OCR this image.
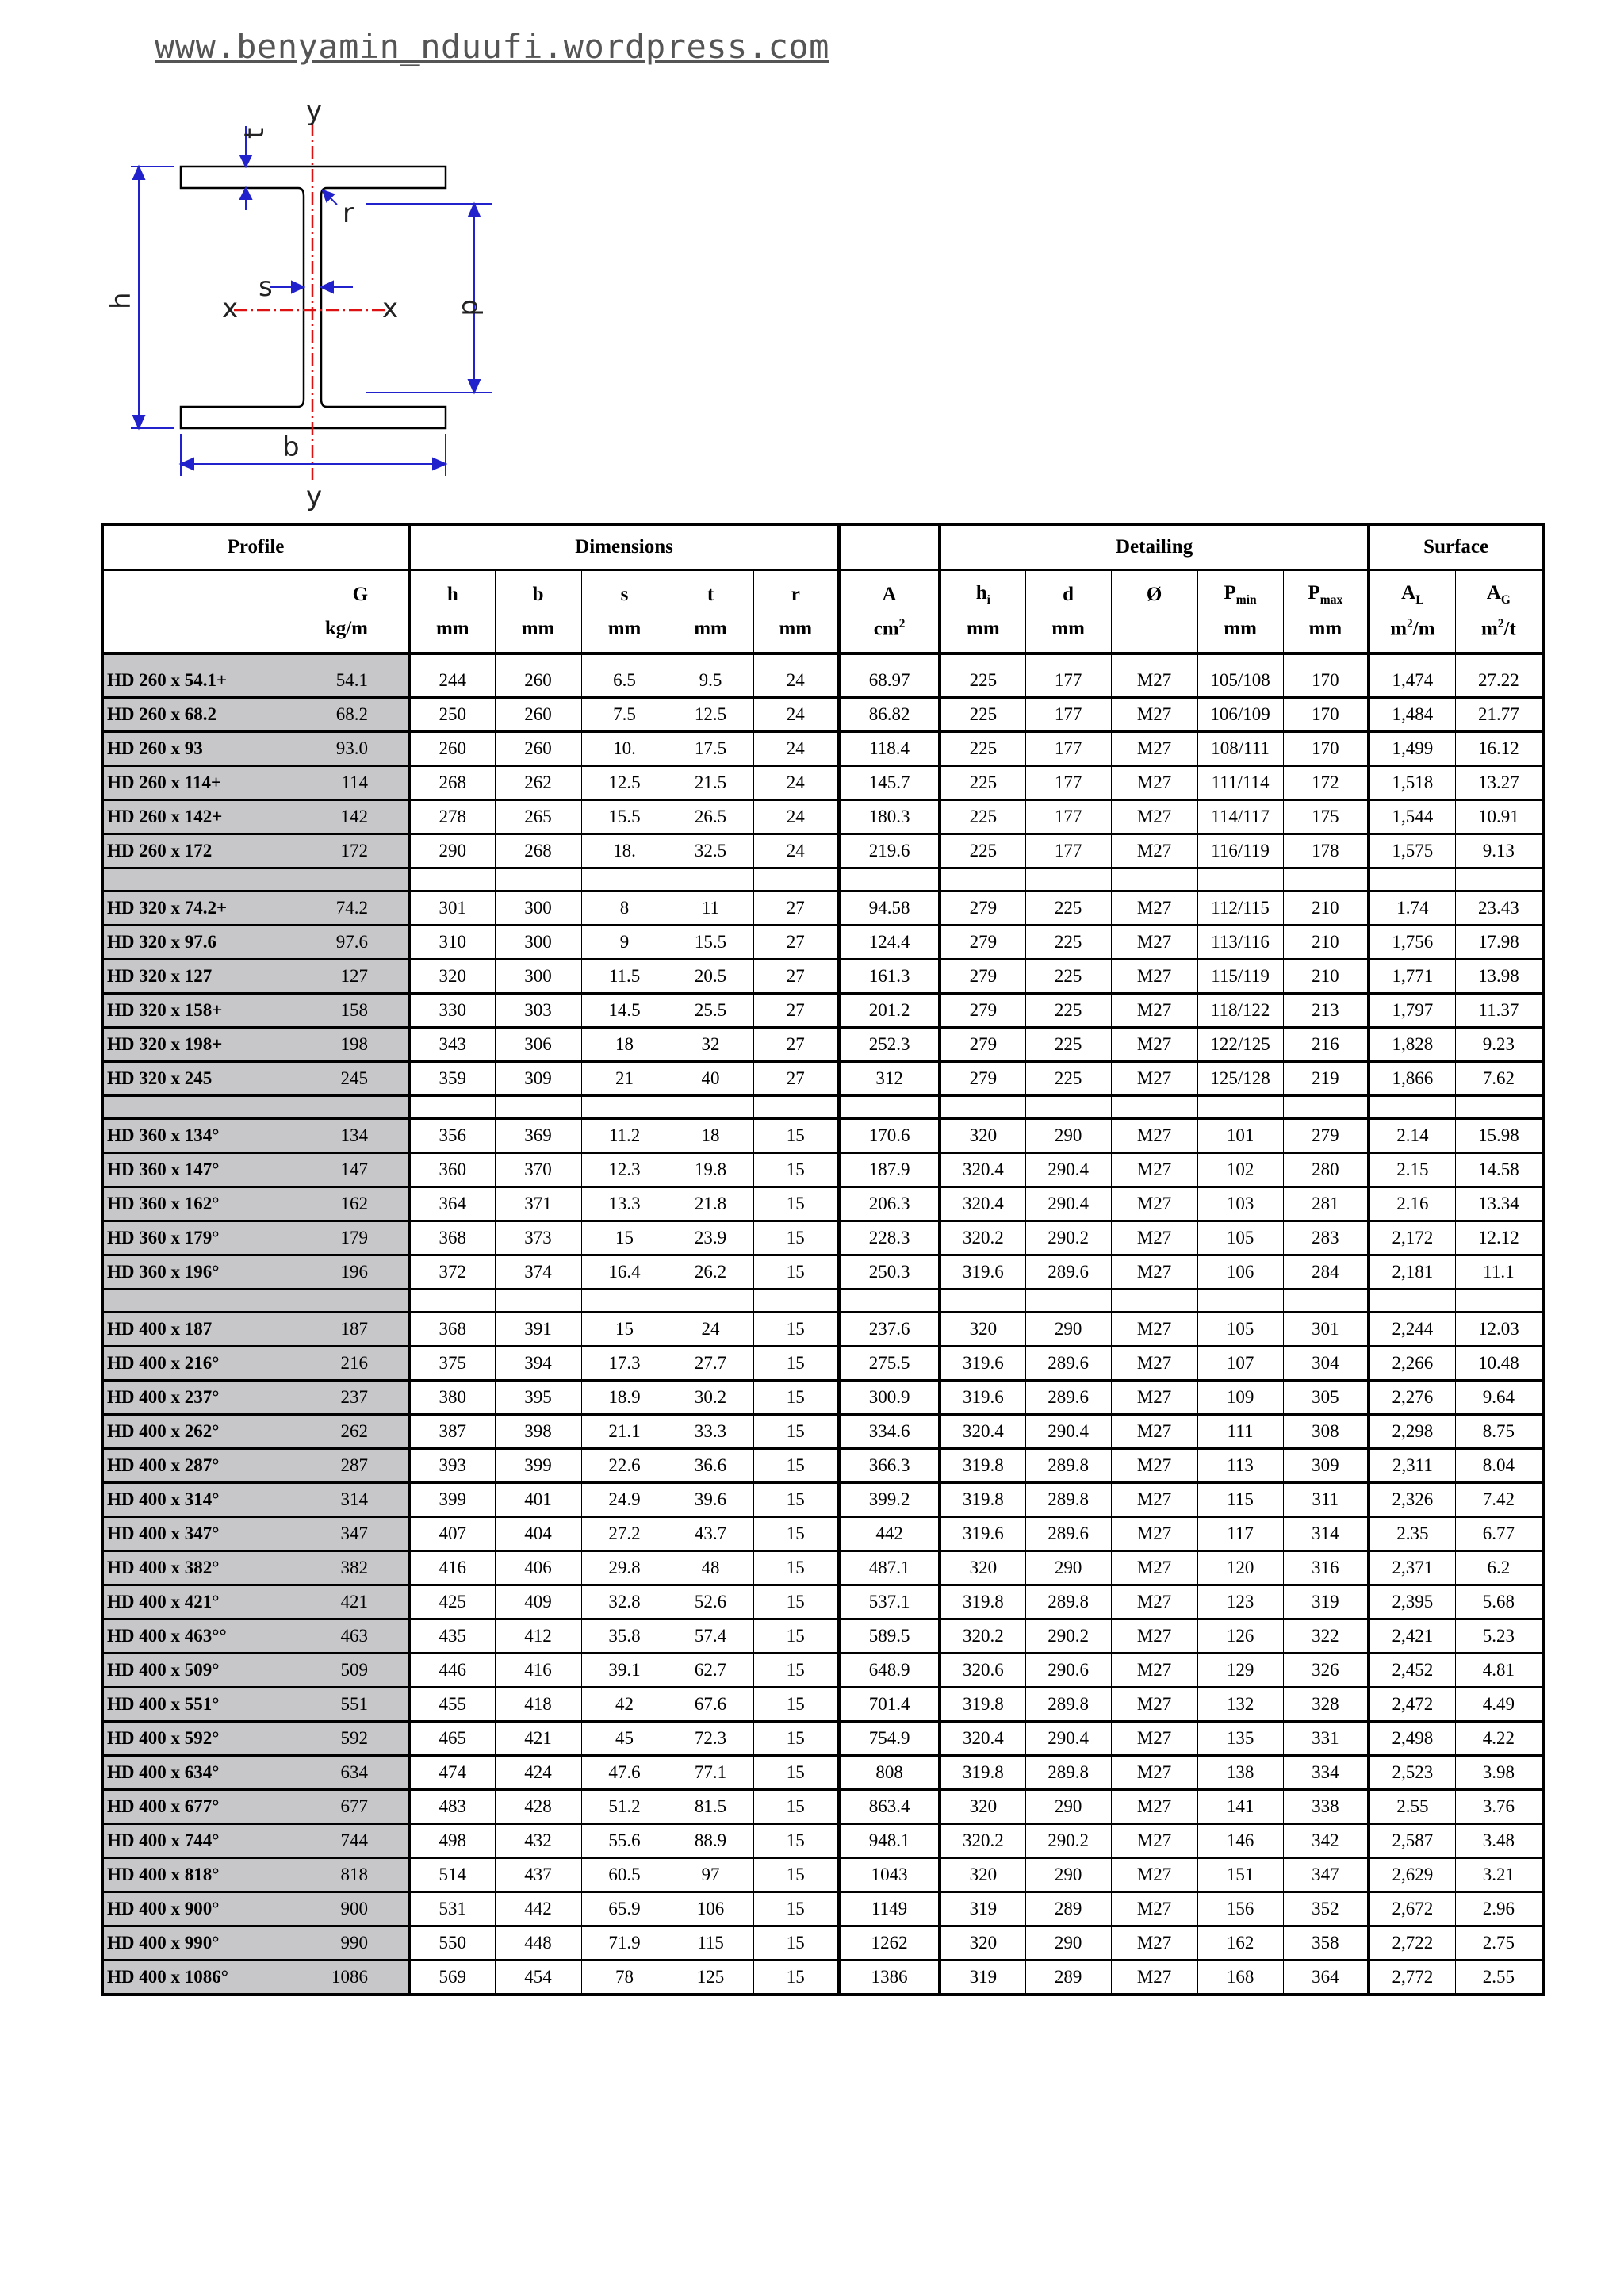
www.benyamin_nduufi.wordpress.com
y
y
t
r
h	s
x	x d
b
Profile		Dimensions						Detailing					Surface	
	G	h	b	s	t	r	A	$h_i$	d	Ø	$P_{min}$	$P_{max}$	$A_L$	$A_G$
	kg/m	mm	mm	mm	mm	mm	$cm^2$	mm	mm		mm	mm	$m^2/m$	$m^2/t$

HD 260 x 54.1+	54.1	244	260	6.5	9.5	24	68.97	225	177	M27	105/108	170	1,474	27.22
HD 260 x 68.2	68.2	250	260	7.5	12.5	24	86.82	225	177	M27	106/109	170	1,484	21.77
HD 260 x 93	93.0	260	260	10.	17.5	24	118.4	225	177	M27	108/111	170	1,499	16.12
HD 260 x 114+	114	268	262	12.5	21.5	24	145.7	225	177	M27	111/114	172	1,518	13.27
HD 260 x 142+	142	278	265	15.5	26.5	24	180.3	225	177	M27	114/117	175	1,544	10.91
HD 260 x 172	172	290	268	18.	32.5	24	219.6	225	177	M27	116/119	178	1,575	9.13

HD 320 x 74.2+	74.2	301	300	8	11	27	94.58	279	225	M27	112/115	210	1.74	23.43
HD 320 x 97.6	97.6	310	300	9	15.5	27	124.4	279	225	M27	113/116	210	1,756	17.98
HD 320 x 127	127	320	300	11.5	20.5	27	161.3	279	225	M27	115/119	210	1,771	13.98
HD 320 x 158+	158	330	303	14.5	25.5	27	201.2	279	225	M27	118/122	213	1,797	11.37
HD 320 x 198+	198	343	306	18	32	27	252.3	279	225	M27	122/125	216	1,828	9.23
HD 320 x 245	245	359	309	21	40	27	312	279	225	M27	125/128	219	1,866	7.62

HD 360 x 134°	134	356	369	11.2	18	15	170.6	320	290	M27	101	279	2.14	15.98
HD 360 x 147°	147	360	370	12.3	19.8	15	187.9	320.4	290.4	M27	102	280	2.15	14.58
HD 360 x 162°	162	364	371	13.3	21.8	15	206.3	320.4	290.4	M27	103	281	2.16	13.34
HD 360 x 179°	179	368	373	15	23.9	15	228.3	320.2	290.2	M27	105	283	2,172	12.12
HD 360 x 196°	196	372	374	16.4	26.2	15	250.3	319.6	289.6	M27	106	284	2,181	11.1

HD 400 x 187	187	368	391	15	24	15	237.6	320	290	M27	105	301	2,244	12.03
HD 400 x 216°	216	375	394	17.3	27.7	15	275.5	319.6	289.6	M27	107	304	2,266	10.48
HD 400 x 237°	237	380	395	18.9	30.2	15	300.9	319.6	289.6	M27	109	305	2,276	9.64
HD 400 x 262°	262	387	398	21.1	33.3	15	334.6	320.4	290.4	M27	111	308	2,298	8.75
HD 400 x 287°	287	393	399	22.6	36.6	15	366.3	319.8	289.8	M27	113	309	2,311	8.04
HD 400 x 314°	314	399	401	24.9	39.6	15	399.2	319.8	289.8	M27	115	311	2,326	7.42
HD 400 x 347°	347	407	404	27.2	43.7	15	442	319.6	289.6	M27	117	314	2.35	6.77
HD 400 x 382°	382	416	406	29.8	48	15	487.1	320	290	M27	120	316	2,371	6.2
HD 400 x 421°	421	425	409	32.8	52.6	15	537.1	319.8	289.8	M27	123	319	2,395	5.68
HD 400 x 463°°	463	435	412	35.8	57.4	15	589.5	320.2	290.2	M27	126	322	2,421	5.23
HD 400 x 509°	509	446	416	39.1	62.7	15	648.9	320.6	290.6	M27	129	326	2,452	4.81
HD 400 x 551°	551	455	418	42	67.6	15	701.4	319.8	289.8	M27	132	328	2,472	4.49
HD 400 x 592°	592	465	421	45	72.3	15	754.9	320.4	290.4	M27	135	331	2,498	4.22
HD 400 x 634°	634	474	424	47.6	77.1	15	808	319.8	289.8	M27	138	334	2,523	3.98
HD 400 x 677°	677	483	428	51.2	81.5	15	863.4	320	290	M27	141	338	2.55	3.76
HD 400 x 744°	744	498	432	55.6	88.9	15	948.1	320.2	290.2	M27	146	342	2,587	3.48
HD 400 x 818°	818	514	437	60.5	97	15	1043	320	290	M27	151	347	2,629	3.21
HD 400 x 900°	900	531	442	65.9	106	15	1149	319	289	M27	156	352	2,672	2.96
HD 400 x 990°	990	550	448	71.9	115	15	1262	320	290	M27	162	358	2,722	2.75
HD 400 x 1086°	1086	569	454	78	125	15	1386	319	289	M27	168	364	2,772	2.55
